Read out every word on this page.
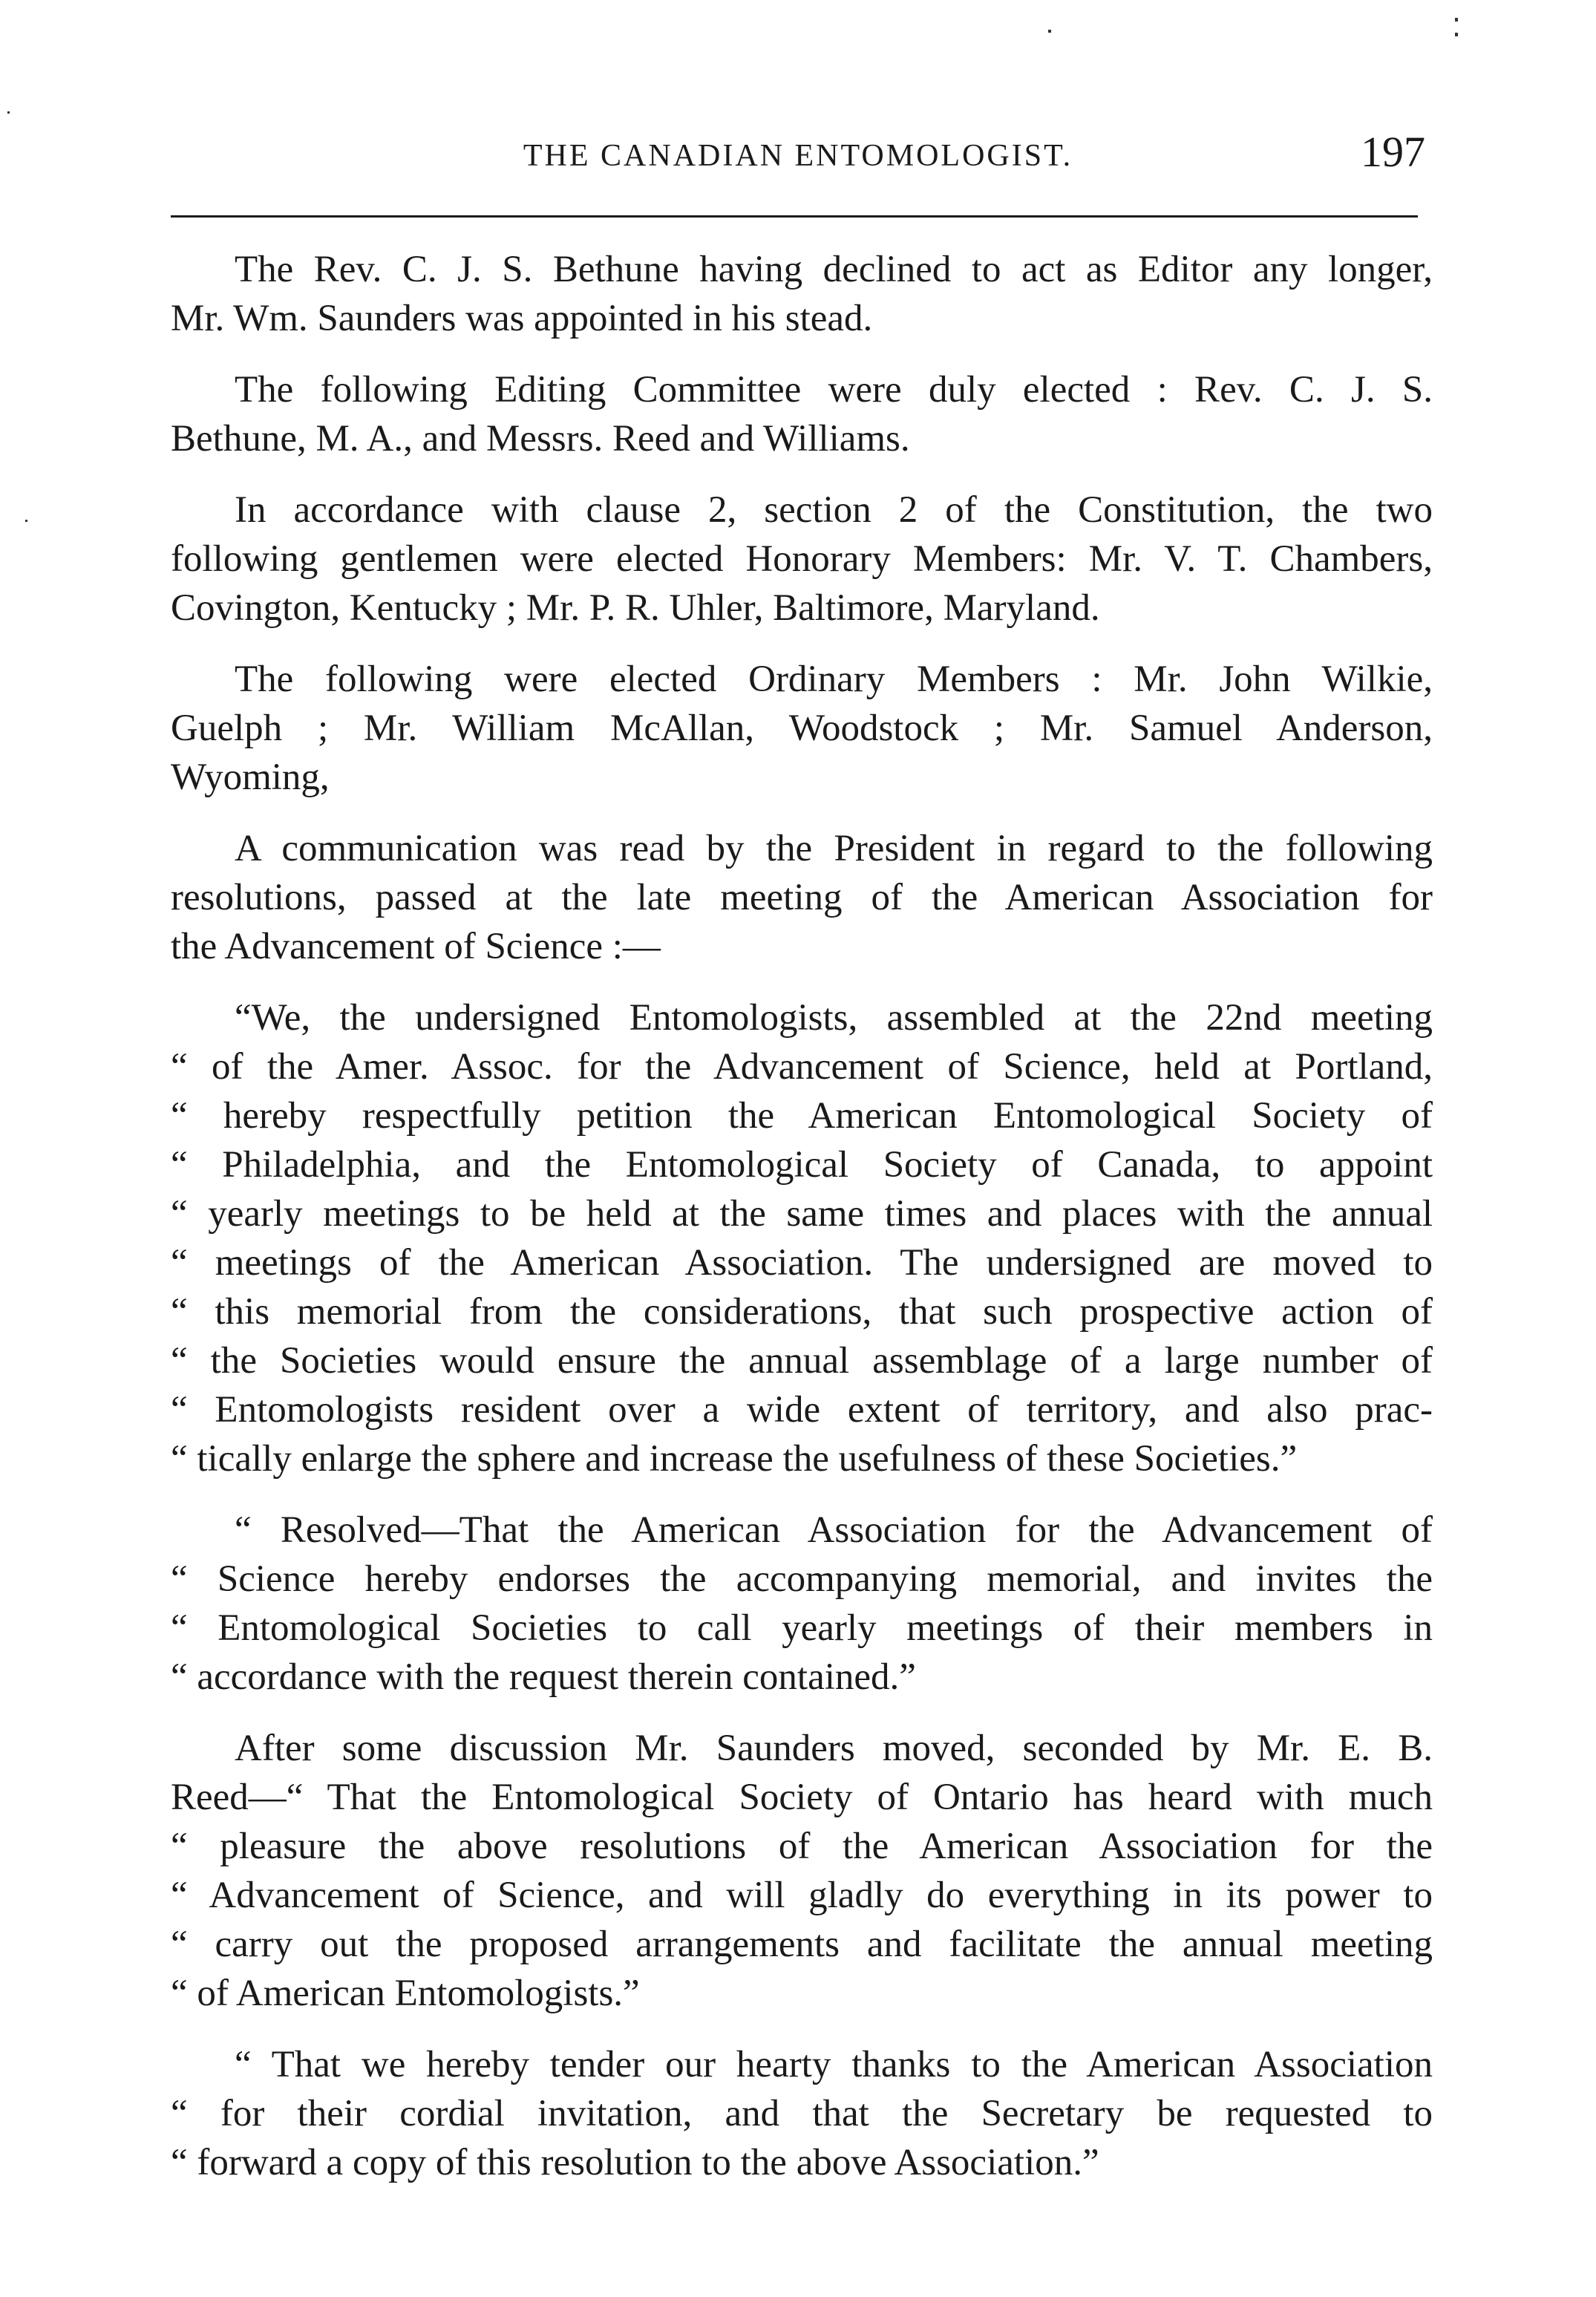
THE CANADIAN ENTOMOLOGIST.	197

The Rev. C. J. S. Bethune having declined to act as Editor any longer,
Mr. Wm. Saunders was appointed in his stead.

The following Editing Committee were duly elected : Rev. C. J. S.
Bethune, M. A., and Messrs. Reed and Williams.

In accordance with clause 2, section 2 of the Constitution, the two
following gentlemen were elected Honorary Members: Mr. V. T. Chambers,
Covington, Kentucky ; Mr. P. R. Uhler, Baltimore, Maryland.

The following were elected Ordinary Members : Mr. John Wilkie,
Guelph ; Mr. William McAllan, Woodstock ; Mr. Samuel Anderson,
Wyoming,

A communication was read by the President in regard to the following
resolutions, passed at the late meeting of the American Association for
the Advancement of Science :—

“We, the undersigned Entomologists, assembled at the 22nd meeting
“ of the Amer. Assoc. for the Advancement of Science, held at Portland,
“ hereby respectfully petition the American Entomological Society of
“ Philadelphia, and the Entomological Society of Canada, to appoint
“ yearly meetings to be held at the same times and places with the annual
“ meetings of the American Association. The undersigned are moved to
“ this memorial from the considerations, that such prospective action of
“ the Societies would ensure the annual assemblage of a large number of
“ Entomologists resident over a wide extent of territory, and also prac-
“ tically enlarge the sphere and increase the usefulness of these Societies.”

“ Resolved—That the American Association for the Advancement of
“ Science hereby endorses the accompanying memorial, and invites the
“ Entomological Societies to call yearly meetings of their members in
“ accordance with the request therein contained.”

After some discussion Mr. Saunders moved, seconded by Mr. E. B.
Reed—“ That the Entomological Society of Ontario has heard with much
“ pleasure the above resolutions of the American Association for the
“ Advancement of Science, and will gladly do everything in its power to
“ carry out the proposed arrangements and facilitate the annual meeting
“ of American Entomologists.”

“ That we hereby tender our hearty thanks to the American Association
“ for their cordial invitation, and that the Secretary be requested to
“ forward a copy of this resolution to the above Association.”
